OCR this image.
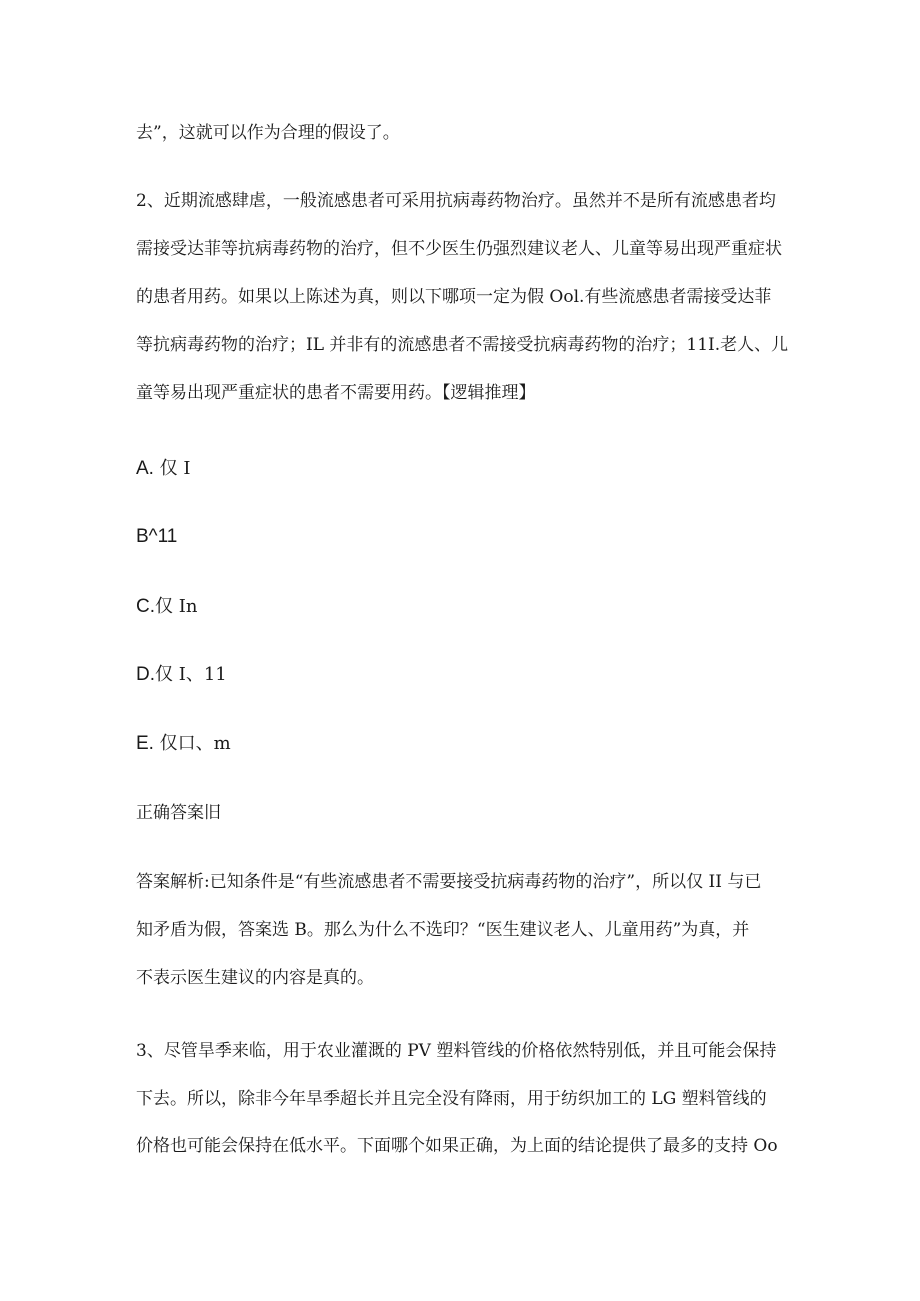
去”，这就可以作为合理的假设了。
2、近期流感肆虐，一般流感患者可采用抗病毒药物治疗。虽然并不是所有流感患者均
需接受达菲等抗病毒药物的治疗，但不少医生仍强烈建议老人、儿童等易出现严重症状
的患者用药。如果以上陈述为真，则以下哪项一定为假 Ool.有些流感患者需接受达菲
等抗病毒药物的治疗；IL 并非有的流感患者不需接受抗病毒药物的治疗；11I.老人、儿
童等易出现严重症状的患者不需要用药。【逻辑推理】
A. 仅 I
B^11
C.仅 In
D.仅 I、11
E. 仅口、m
正确答案旧
答案解析:已知条件是“有些流感患者不需要接受抗病毒药物的治疗”，所以仅 II 与已
知矛盾为假，答案选 B。那么为什么不选印？“医生建议老人、儿童用药”为真，并
不表示医生建议的内容是真的。
3、尽管旱季来临，用于农业灌溉的 PV 塑料管线的价格依然特别低，并且可能会保持
下去。所以，除非今年旱季超长并且完全没有降雨，用于纺织加工的 LG 塑料管线的
价格也可能会保持在低水平。下面哪个如果正确，为上面的结论提供了最多的支持 Oo
